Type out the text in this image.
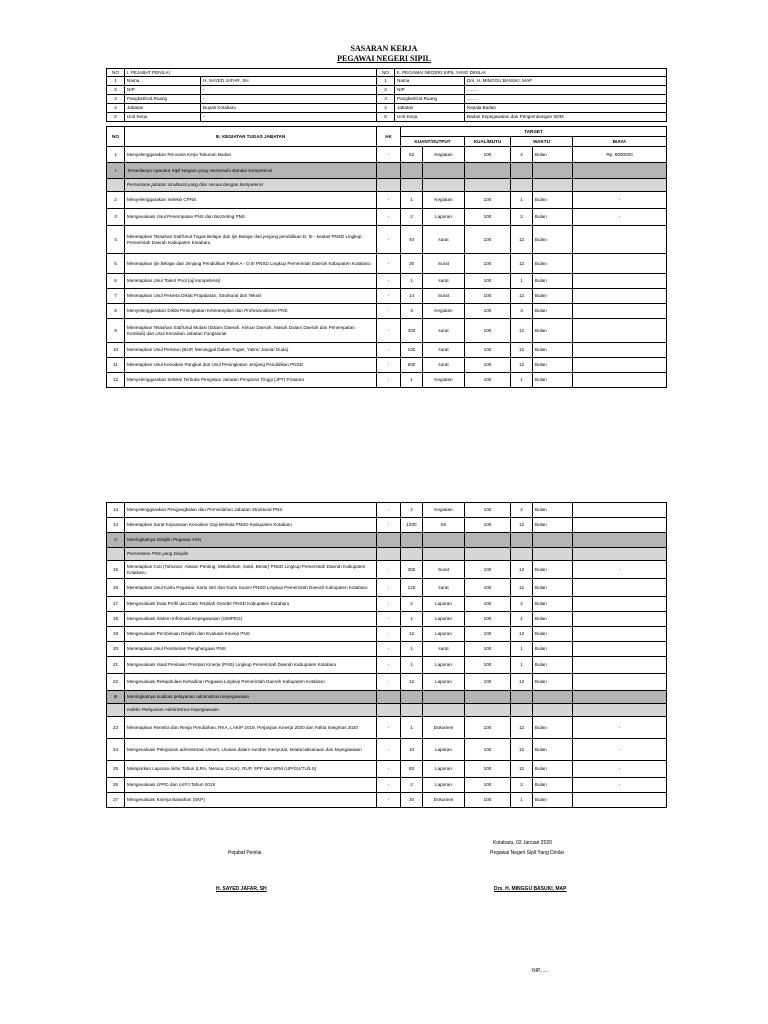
SASARAN KERJA
PEGAWAI NEGERI SIPIL
NO	I. PEJABAT PENILAI		NO	II. PEGAWAI NEGERI SIPIL YANG DINILAI	
1	Nama	H. SAYED JAFAR, SH	1	Nama	Drs. H. MINGGU BASUKI, MAP
2	NIP	-	2	NIP	........
3	Pangkat/Gol.Ruang	-	3	Pangkat/Gol.Ruang	........
4	Jabatan	Bupati Kotabaru	4	Jabatan	Kepala Badan
5	Unit Kerja	-	5	Unit Kerja	Badan Kepegawaian dan Pengembangan SDM
NO	III. KEGIATAN TUGAS JABATAN	AK	TARGET					
			KUANT/OUTPUT		KUAL/MUTU	WAKTU		BIAYA
1	Menyelenggarakan Rencana Kerja Tahunan Badan	-	53	Kegiatan	100	4	Bulan	Rp. 5000000
I	Tersedianya Aparatur Sipil Negara yang memenuhi standar kompetensi							
	Persentase jabatan struktural yang diisi sesuai dengan kompetensi							
2	Menyelenggarakan Seleksi CPNS	-	1	Kegiatan	100	1	Bulan	-
3	Mengevaluasi Usul Penempatan PNS dan Bezzeting PNS	-	2	Laporan	100	2	Bulan	-
4	Menetapkan Telaahan Staf/Usul Tugas Belajar dan Ijin Belajar dari jenjang pendidikan D. III - keatas PNSD Lingkup Pemerintah Daerah Kabupaten Kotabaru	-	40	surat	100	12	Bulan	
5	Menetapkan Ijin Belajar dari Jenjang Pendidikan Paket A - D.III PNSD Lingkup Pemerintah Daerah Kabupaten Kotabaru	-	25	Surat	100	12	Bulan	
6	Menetapkan Usul Talent Pool (uji kompetensi)	-	1	surat	100	1	Bulan	
7	Menetapkan Usul Peserta Diklat Prajabatan, Struktural dan Teknis	-	14	Surat	100	12	Bulan	
8	Menyelenggarakan Diklat Peningkatan Keterampilan dan Profesionalisme PNS	-	3	Kegiatan	100	3	Bulan	
9	Menetapkan Telaahan Staf/Usul Mutasi (Dalam Daerah, Keluar Daerah, Masuk Dalam Daerah dan Penempatan Kembali) dan Usul Kenaikan Jabatan Fungsional	-	320	surat	100	12	Bulan	
10	Menetapkan Usul Pensiun (BUP, Meninggal Dalam Tugas, Yatim/ Janda/ Duda)	-	100	surat	100	12	Bulan	
11	Menetapkan Usul Kenaikan Pangkat dan Usul Peningkatan Jenjang Pendidikan PNSD	-	600	surat	100	12	Bulan	
12	Menyelenggarakan Seleksi Terbuka Pengisian Jabatan Pimpinan Tinggi (JPT) Pratama	-	1	Kegiatan	100	1	Bulan	
13	Menyelenggarakan Pengangkatan dan Pemindahan Jabatan Struktural PNS	-	2	Kegiatan	100	2	Bulan	
14	Menetapkan Surat Keputusan Kenaikan Gaji Berkala PNSD Kabupaten Kotabaru	-	1000	SK	100	12	Bulan	
II	Meningkatnya Disiplin Pegawai ASN							
	Persentase PNS yang Disiplin							
15	Menetapkan Cuti (Tahunan, Alasan Penting, Melahirkan, Sakit, Besar) PNSD Lingkup Pemerintah Daerah Kabupaten Kotabaru	-	350	Surat	100	12	Bulan	-
16	Menetapkan Usul Kartu Pegawai, Kartu Istri dan Kartu Suami PNSD Lingkup Pemerintah Daerah Kabupaten Kotabaru	-	120	surat	100	12	Bulan	
17	Mengevaluasi Data Profil dan Data Terpilah Gender PNSD Kabupaten Kotabaru	-	2	Laporan	100	2	Bulan	
18	Mengevaluasi Sistem Informasi Kepegawaian (SIMPEG)	-	1	Laporan	100	1	Bulan	
19	Mengevaluasi Pembinaan Disiplin dan Evaluasi Kinerja PNS	-	12	Laporan	100	12	Bulan	
20	Menetapkan Usul Pemberian Penghargaan PNS	-	1	surat	100	1	Bulan	
21	Mengevaluasi Hasil Penilaian Prestasi Kinerja (PNS) Lingkup Pemerintah Daerah Kabupaten Kotabaru	-	1	Laporan	100	1	Bulan	
22	Mengevaluasi Rekapitulasi Kehadiran Pegawai Lingkup Pemerintah Daerah Kabupaten Kotabaru	-	12	Laporan	100	12	Bulan	
III	Meningkatnya kualitas pelayanan administrasi kepegawaian							
	Indeks Pelayanan Administrasi Kepegawaian							
23	Menetapkan Renstra dan Renja Perubahan, RKA, LAKIP 2019, Perjanjian Kinerja 2020 dan Fakta Integritas 2020	-	1	Dokumen	100	12	Bulan	-
24	Mengevaluasi Pelayanan administrasi Umum, Urusan dalam sumber menyurat, ketata laksanaan dan kepegawaian	-	10	Laporan	100	12	Bulan	-
25	Melaporkan Laporan Akhir Tahun (LRA, Neraca, CALK), RUP, SPP dan SPM (UP/GU/TU/LS)	-	83	Laporan	100	12	Bulan	-
26	Mengevaluasi LPPD dan LKPJ Tahun 2019	-	2	Laporan	100	2	Bulan	-
27	Mengevaluasi Kinerja Bawahan (SKP)	-	20	Dokumen	100	1	Bulan	
Kotabaru, 02 Januari 2020
Pejabat Penilai,	Pegawai Negeri Sipil Yang Dinilai
H. SAYED JAFAR, SH	Drs. H. MINGGU BASUKI, MAP
NIP......
